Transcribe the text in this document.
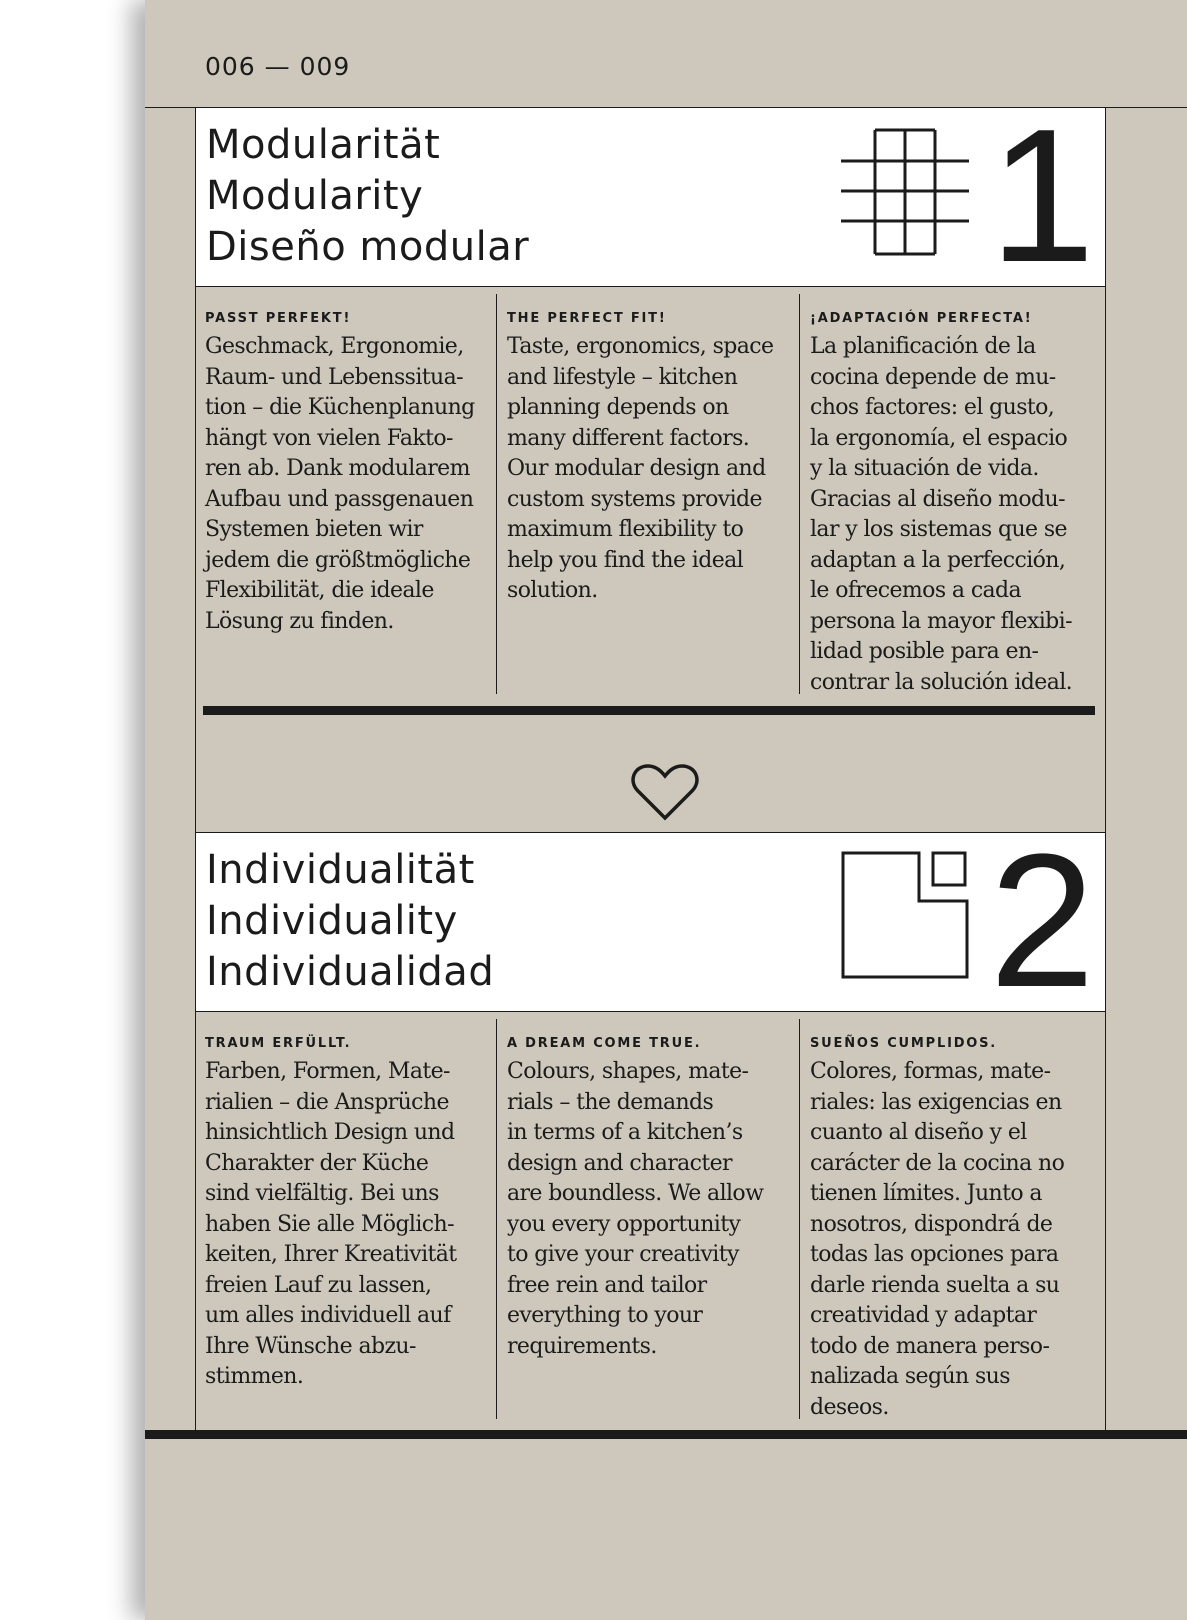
006 — 009
Modularität
Modularity
Diseño modular 1
PASST PERFEKT!
Geschmack, Ergonomie,
Raum- und Lebenssitua-
tion – die Küchenplanung
hängt von vielen Fakto-
ren ab. Dank modularem
Aufbau und passgenauen
Systemen bieten wir
jedem die größtmögliche
Flexibilität, die ideale
Lösung zu finden.
THE PERFECT FIT!
Taste, ergonomics, space
and lifestyle – kitchen
planning depends on
many different factors.
Our modular design and
custom systems provide
maximum flexibility to
help you find the ideal
solution.
¡ADAPTACIÓN PERFECTA!
La planificación de la
cocina depende de mu-
chos factores: el gusto,
la ergonomía, el espacio
y la situación de vida.
Gracias al diseño modu-
lar y los sistemas que se
adaptan a la perfección,
le ofrecemos a cada
persona la mayor flexibi-
lidad posible para en-
contrar la solución ideal.
Individualität
Individuality
Individualidad	2
TRAUM ERFÜLLT.
Farben, Formen, Mate-
rialien – die Ansprüche
hinsichtlich Design und
Charakter der Küche
sind vielfältig. Bei uns
haben Sie alle Möglich-
keiten, Ihrer Kreativität
freien Lauf zu lassen,
um alles individuell auf
Ihre Wünsche abzu-
stimmen.
A DREAM COME TRUE.
Colours, shapes, mate-
rials – the demands
in terms of a kitchen’s
design and character
are boundless. We allow
you every opportunity
to give your creativity
free rein and tailor
everything to your
requirements.
SUEÑOS CUMPLIDOS.
Colores, formas, mate-
riales: las exigencias en
cuanto al diseño y el
carácter de la cocina no
tienen límites. Junto a
nosotros, dispondrá de
todas las opciones para
darle rienda suelta a su
creatividad y adaptar
todo de manera perso-
nalizada según sus
deseos.
